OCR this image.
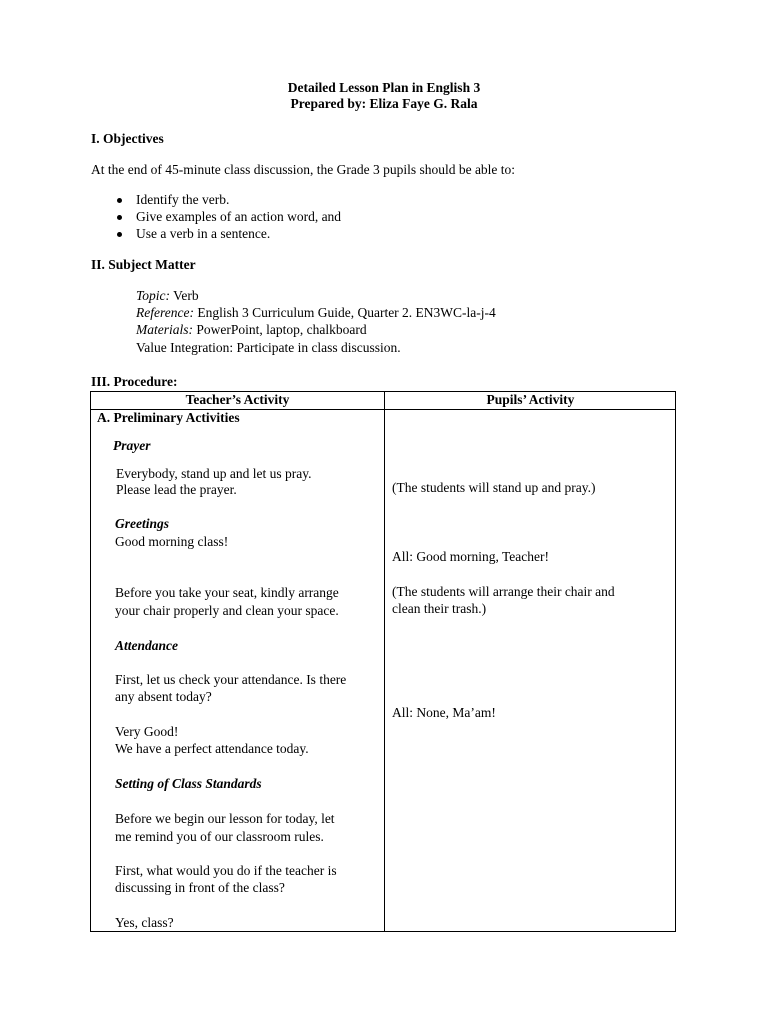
Detailed Lesson Plan in English 3
Prepared by: Eliza Faye G. Rala
I. Objectives
At the end of 45-minute class discussion, the Grade 3 pupils should be able to:
Identify the verb.
Give examples of an action word, and
Use a verb in a sentence.
II. Subject Matter
Topic: Verb
Reference: English 3 Curriculum Guide, Quarter 2. EN3WC-la-j-4
Materials: PowerPoint, laptop, chalkboard
Value Integration: Participate in class discussion.
III. Procedure:
Teacher’s Activity	Pupils’ Activity
A. Preliminary Activities
Prayer
Everybody, stand up and let us pray.
Please lead the prayer.	(The students will stand up and pray.)
Greetings
Good morning class!
All: Good morning, Teacher!
Before you take your seat, kindly arrange
your chair properly and clean your space.
(The students will arrange their chair and
clean their trash.)
Attendance
First, let us check your attendance. Is there
any absent today?
All: None, Ma’am!
Very Good!
We have a perfect attendance today.
Setting of Class Standards
Before we begin our lesson for today, let
me remind you of our classroom rules.
First, what would you do if the teacher is
discussing in front of the class?
Yes, class?
